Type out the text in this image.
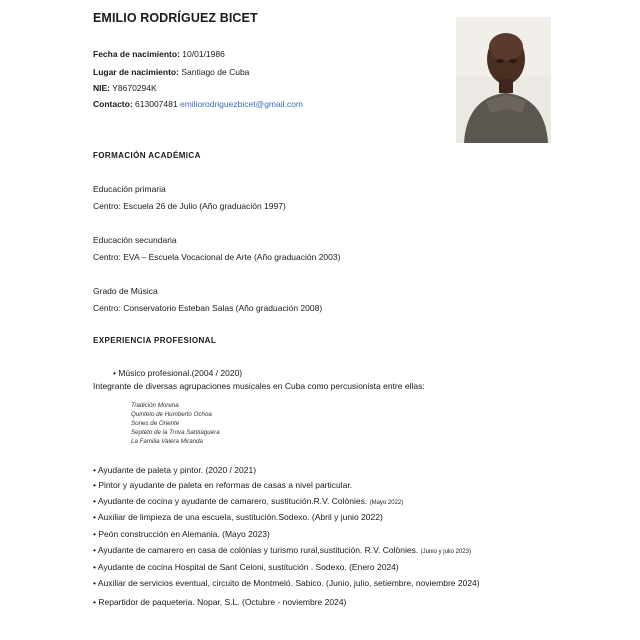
EMILIO RODRÍGUEZ BICET
Fecha de nacimiento: 10/01/1986
Lugar de nacimiento: Santiago de Cuba
NIE: Y8670294K
Contacto: 613007481 emiliorodriguezbicet@gmail.com
FORMACIÓN ACADÉMICA
Educación primaria
Centro: Escuela 26 de Julio (Año graduación 1997)
Educación secundaria
Centro: EVA – Escuela Vocacional de Arte (Año graduación 2003)
Grado de Música
Centro: Conservatorio Esteban Salas (Año graduación 2008)
EXPERIENCIA PROFESIONAL
• Músico profesional.(2004 / 2020)
Integrante de diversas agrupaciones musicales en Cuba como percusionista entre ellas:
Tradición Morena
Quinteto de Humberto Ochoa
Sones de Oriente
Septeto de la Trova Santiaguera
La Familia Valera Miranda
• Ayudante de paleta y pintor. (2020 / 2021)
• Pintor y ayudante de paleta en reformas de casas a nivel particular.
• Ayudante de cocina y ayudante de camarero, sustitución.R.V. Colònies. (Mayo 2022)
• Auxiliar de limpieza de una escuela, sustitución.Sodexo. (Abril y junio 2022)
• Peón construcción en Alemania. (Mayo 2023)
• Ayudante de camarero en casa de colònias y turismo rural,sustitución. R.V. Colònies. (Junio y julio 2023)
• Ayudante de cocina Hospital de Sant Celoni, sustitución . Sodexo. (Enero 2024)
• Auxiliar de servicios eventual, circuito de Montmeló. Sabico. (Junio, julio, setiembre, noviembre 2024)
• Repartidor de paqueteria. Nopar, S.L. (Octubre - noviembre 2024)
